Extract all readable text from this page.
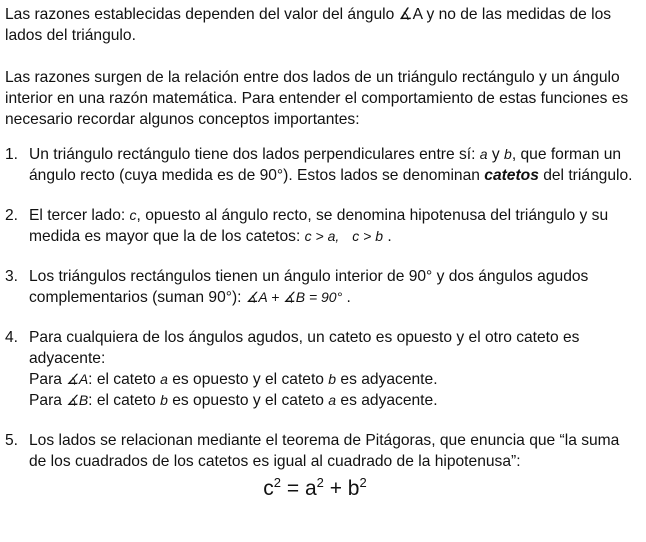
Las razones establecidas dependen del valor del ángulo ∡A y no de las medidas de los lados del triángulo.

Las razones surgen de la relación entre dos lados de un triángulo rectángulo y un ángulo interior en una razón matemática. Para entender el comportamiento de estas funciones es necesario recordar algunos conceptos importantes:

1. Un triángulo rectángulo tiene dos lados perpendiculares entre sí: a y b, que forman un ángulo recto (cuya medida es de 90°). Estos lados se denominan catetos del triángulo.
2. El tercer lado: c, opuesto al ángulo recto, se denomina hipotenusa del triángulo y su medida es mayor que la de los catetos: c > a, c > b .
3. Los triángulos rectángulos tienen un ángulo interior de 90° y dos ángulos agudos complementarios (suman 90°): ∡A + ∡B = 90° .
4. Para cualquiera de los ángulos agudos, un cateto es opuesto y el otro cateto es adyacente:
Para ∡A: el cateto a es opuesto y el cateto b es adyacente.
Para ∡B: el cateto b es opuesto y el cateto a es adyacente.
5. Los lados se relacionan mediante el teorema de Pitágoras, que enuncia que “la suma de los cuadrados de los catetos es igual al cuadrado de la hipotenusa”:
$c^2 = a^2 + b^2$
